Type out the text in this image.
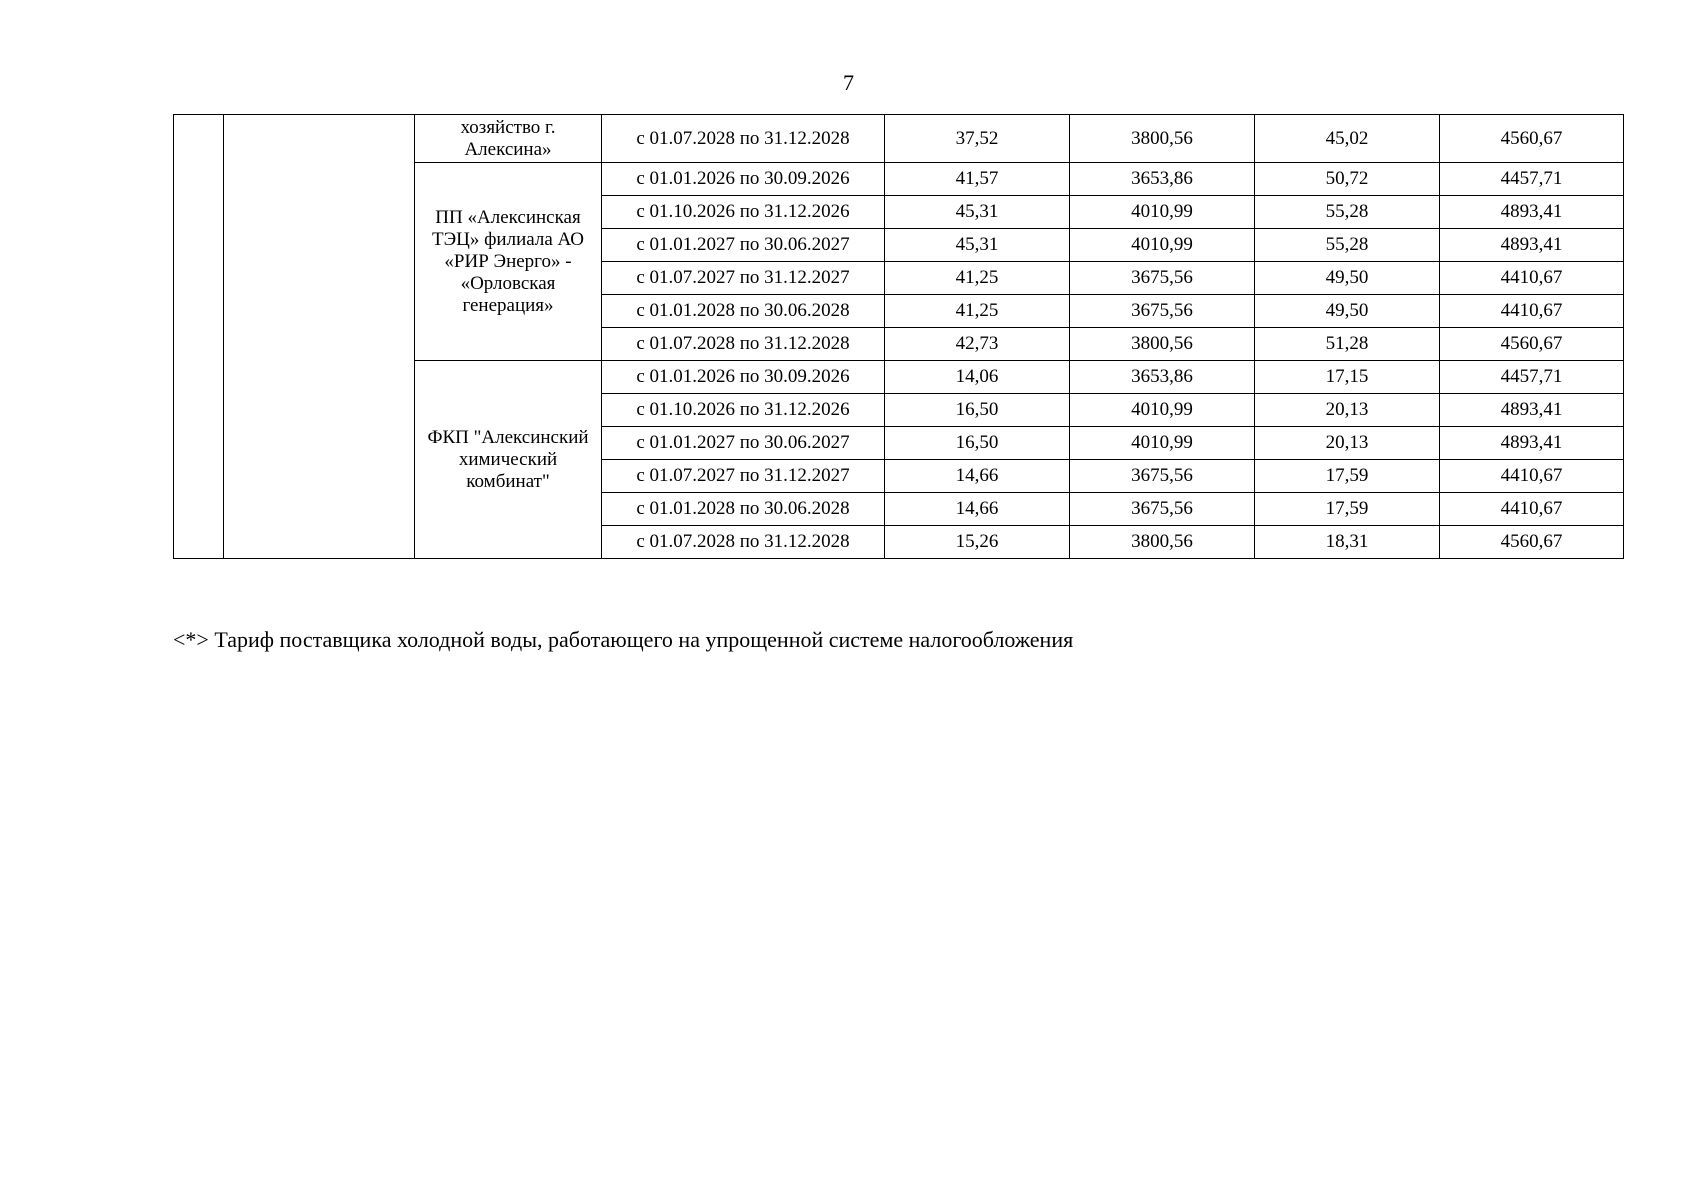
7
		хозяйство г. Алексина»	с 01.07.2028 по 31.12.2028	37,52	3800,56	45,02	4560,67
		ПП «Алексинская ТЭЦ» филиала АО «РИР Энерго» - «Орловская генерация»	с 01.01.2026 по 30.09.2026	41,57	3653,86	50,72	4457,71
			с 01.10.2026 по 31.12.2026	45,31	4010,99	55,28	4893,41
			с 01.01.2027 по 30.06.2027	45,31	4010,99	55,28	4893,41
			с 01.07.2027 по 31.12.2027	41,25	3675,56	49,50	4410,67
			с 01.01.2028 по 30.06.2028	41,25	3675,56	49,50	4410,67
			с 01.07.2028 по 31.12.2028	42,73	3800,56	51,28	4560,67
		ФКП "Алексинский химический комбинат"	с 01.01.2026 по 30.09.2026	14,06	3653,86	17,15	4457,71
			с 01.10.2026 по 31.12.2026	16,50	4010,99	20,13	4893,41
			с 01.01.2027 по 30.06.2027	16,50	4010,99	20,13	4893,41
			с 01.07.2027 по 31.12.2027	14,66	3675,56	17,59	4410,67
			с 01.01.2028 по 30.06.2028	14,66	3675,56	17,59	4410,67
			с 01.07.2028 по 31.12.2028	15,26	3800,56	18,31	4560,67
<*> Тариф поставщика холодной воды, работающего на упрощенной системе налогообложения
